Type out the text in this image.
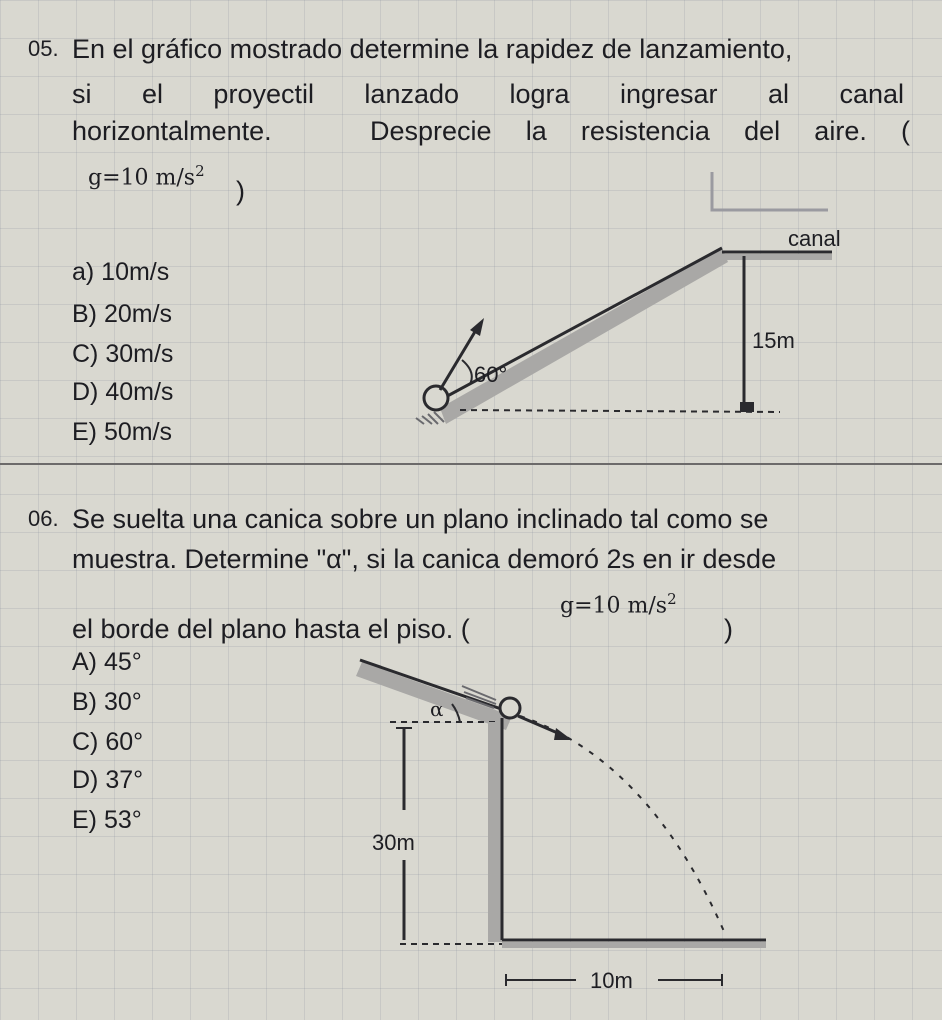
05. En el gráfico mostrado determine la rapidez de lanzamiento,
si el proyectil lanzado logra ingresar al canal
horizontalmente.	Desprecie la resistencia del aire. (
g=10 $m/s^2$
)
a) 10m/s
B) 20m/s
C) 30m/s
D) 40m/s
E) 50m/s
canal
15m
60°
06. Se suelta una canica sobre un plano inclinado tal como se
muestra. Determine "α", si la canica demoró 2s en ir desde
el borde del plano hasta el piso. (
g=10 $m/s^2$
)
A) 45°
B) 30°
C) 60°
D) 37°
E) 53°
α
30m
10m
